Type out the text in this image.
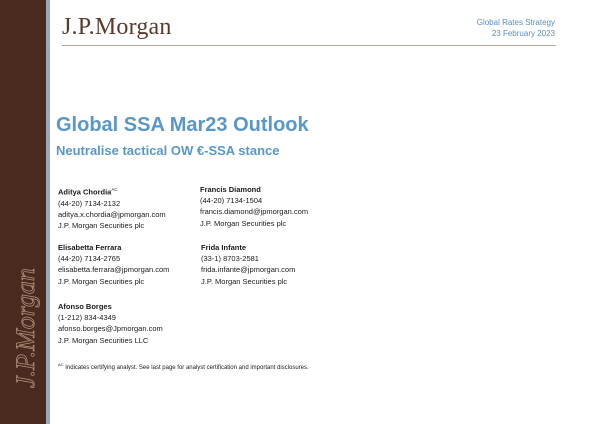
J.P.Morgan
J.P.Morgan	Global Rates Strategy
23 February 2023
Global SSA Mar23 Outlook
Neutralise tactical OW €-SSA stance
Aditya Chordia$^{AC}$
(44-20) 7134-2132
aditya.x.chordia@jpmorgan.com
J.P. Morgan Securities plc
Francis Diamond
(44-20) 7134-1504
francis.diamond@jpmorgan.com
J.P. Morgan Securities plc
Elisabetta Ferrara
(44-20) 7134-2765
elisabetta.ferrara@jpmorgan.com
J.P. Morgan Securities plc
Frida Infante
(33-1) 8703-2581
frida.infante@jpmorgan.com
J.P. Morgan Securities plc
Afonso Borges
(1-212) 834-4349
afonso.borges@Jpmorgan.com
J.P. Morgan Securities LLC
$^{AC}$ Indicates certifying analyst. See last page for analyst certification and important disclosures.
